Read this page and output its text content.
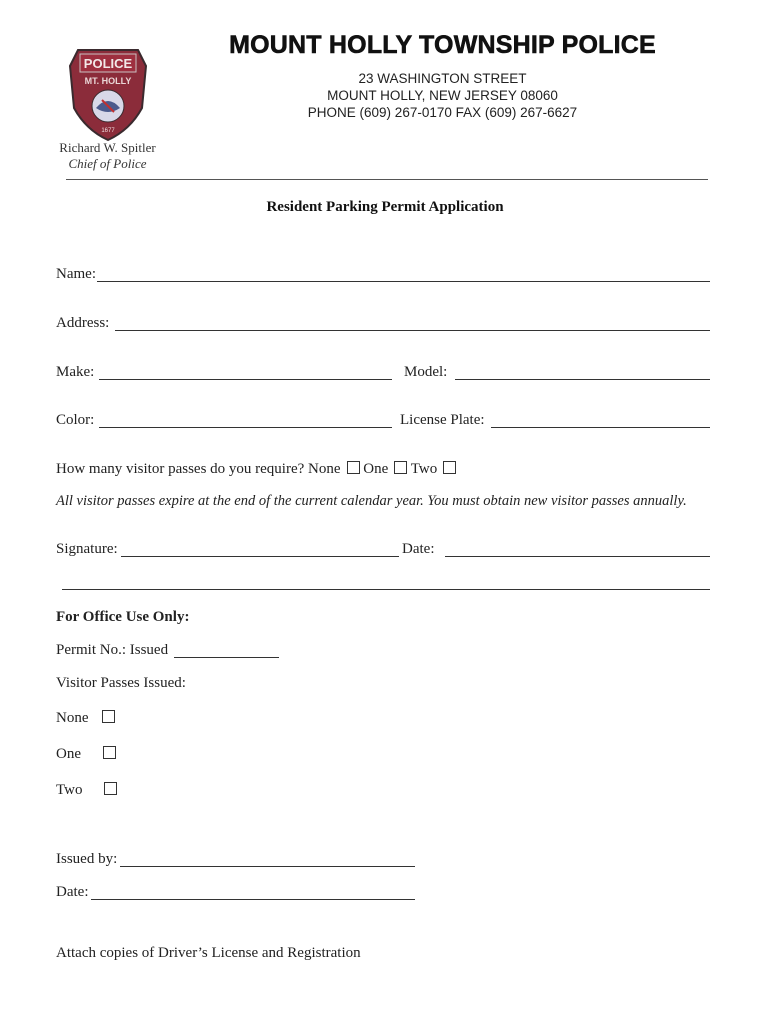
POLICE
MT. HOLLY
1677
MOUNT HOLLY TOWNSHIP POLICE
23 WASHINGTON STREET
MOUNT HOLLY, NEW JERSEY 08060
PHONE (609) 267-0170 FAX (609) 267-6627
Richard W. Spitler
Chief of Police
Resident Parking Permit Application
Name:
Address:
Make:	Model:
Color:	License Plate:
How many visitor passes do you require? None One Two
All visitor passes expire at the end of the current calendar year. You must obtain new visitor passes annually.
Signature:	Date:
For Office Use Only:
Permit No.: Issued
Visitor Passes Issued:
None
One
Two
Issued by:
Date:
Attach copies of Driver’s License and Registration
